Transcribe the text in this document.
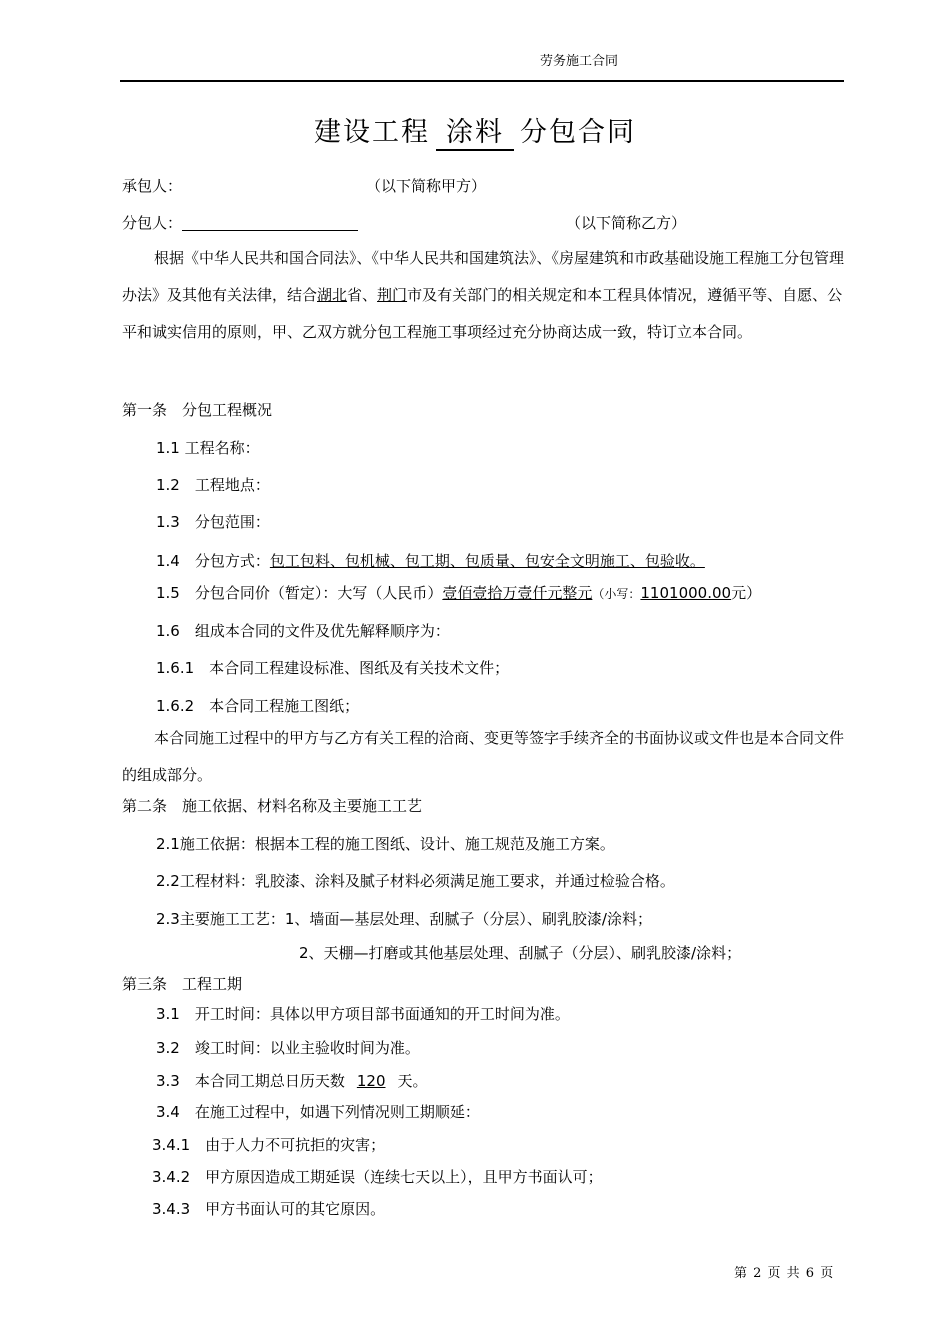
劳务施工合同
建设工程 涂料 分包合同
承包人：	（以下简称甲方）
分包人：	（以下简称乙方）
根据《中华人民共和国合同法》、《中华人民共和国建筑法》、《房屋建筑和市政基础设施工程施工分包管理办法》及其他有关法律，结合湖北省、荆门市及有关部门的相关规定和本工程具体情况，遵循平等、自愿、公平和诚实信用的原则，甲、乙双方就分包工程施工事项经过充分协商达成一致，特订立本合同。
第一条　分包工程概况
1.1 工程名称：
1.2　工程地点：
1.3　分包范围：
1.4　分包方式：包工包料、包机械、包工期、包质量、包安全文明施工、包验收。
1.5　分包合同价（暂定）：大写（人民币）壹佰壹拾万壹仟元整元（小写：1101000.00元）
1.6　组成本合同的文件及优先解释顺序为：
1.6.1　本合同工程建设标准、图纸及有关技术文件；
1.6.2　本合同工程施工图纸；
本合同施工过程中的甲方与乙方有关工程的洽商、变更等签字手续齐全的书面协议或文件也是本合同文件的组成部分。
第二条　施工依据、材料名称及主要施工工艺
2.1施工依据：根据本工程的施工图纸、设计、施工规范及施工方案。
2.2工程材料：乳胶漆、涂料及腻子材料必须满足施工要求，并通过检验合格。
2.3主要施工工艺：1、墙面—基层处理、刮腻子（分层）、刷乳胶漆/涂料；
2、天棚—打磨或其他基层处理、刮腻子（分层）、刷乳胶漆/涂料；
第三条　工程工期
3.1　开工时间：具体以甲方项目部书面通知的开工时间为准。
3.2　竣工时间：以业主验收时间为准。
3.3　本合同工期总日历天数 120 天。
3.4　在施工过程中，如遇下列情况则工期顺延：
3.4.1　由于人力不可抗拒的灾害；
3.4.2　甲方原因造成工期延误（连续七天以上），且甲方书面认可；
3.4.3　甲方书面认可的其它原因。
第 2 页 共 6 页
